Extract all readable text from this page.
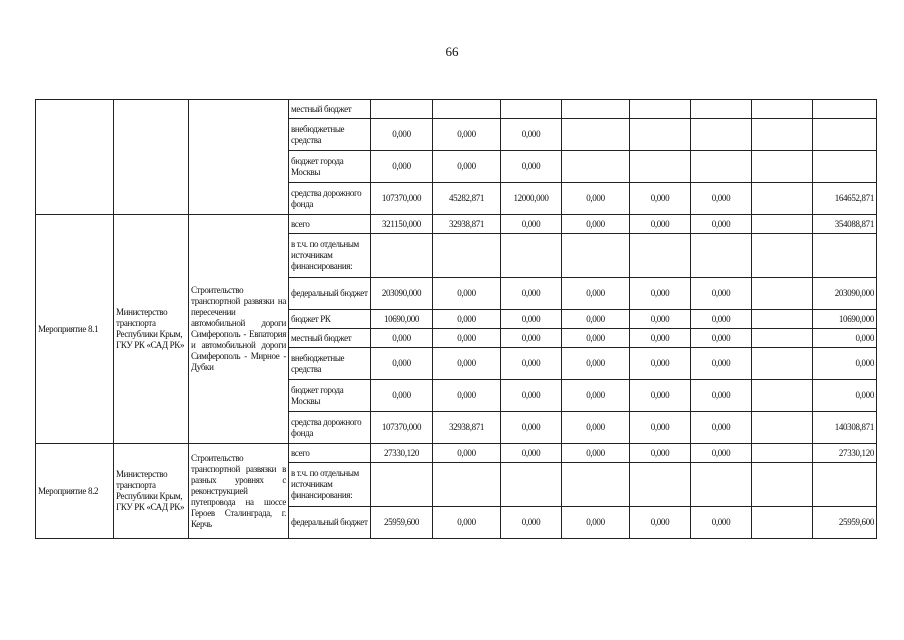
66
			местный бюджет								
			внебюджетные средства	0,000	0,000	0,000					
			бюджет города Москвы	0,000	0,000	0,000					
			средства дорожного фонда	107370,000	45282,871	12000,000	0,000	0,000	0,000		164652,871
Мероприятие 8.1	Министерство транспорта Республики Крым, ГКУ РК «САД РК»	Строительство транспортной развязки на пересечении автомобильной дороги Симферополь - Евпатория и автомобильной дороги Симферополь - Мирное - Дубки	всего	321150,000	32938,871	0,000	0,000	0,000	0,000		354088,871
			в т.ч. по отдельным источникам финансирования:								
			федеральный бюджет	203090,000	0,000	0,000	0,000	0,000	0,000		203090,000
			бюджет РК	10690,000	0,000	0,000	0,000	0,000	0,000		10690,000
			местный бюджет	0,000	0,000	0,000	0,000	0,000	0,000		0,000
			внебюджетные средства	0,000	0,000	0,000	0,000	0,000	0,000		0,000
			бюджет города Москвы	0,000	0,000	0,000	0,000	0,000	0,000		0,000
			средства дорожного фонда	107370,000	32938,871	0,000	0,000	0,000	0,000		140308,871
Мероприятие 8.2	Министерство транспорта Республики Крым, ГКУ РК «САД РК»	Строительство транспортной развязки в разных уровнях с реконструкцией путепровода на шоссе Героев Сталинграда, г. Керчь	всего	27330,120	0,000	0,000	0,000	0,000	0,000		27330,120
			в т.ч. по отдельным источникам финансирования:								
			федеральный бюджет	25959,600	0,000	0,000	0,000	0,000	0,000		25959,600
